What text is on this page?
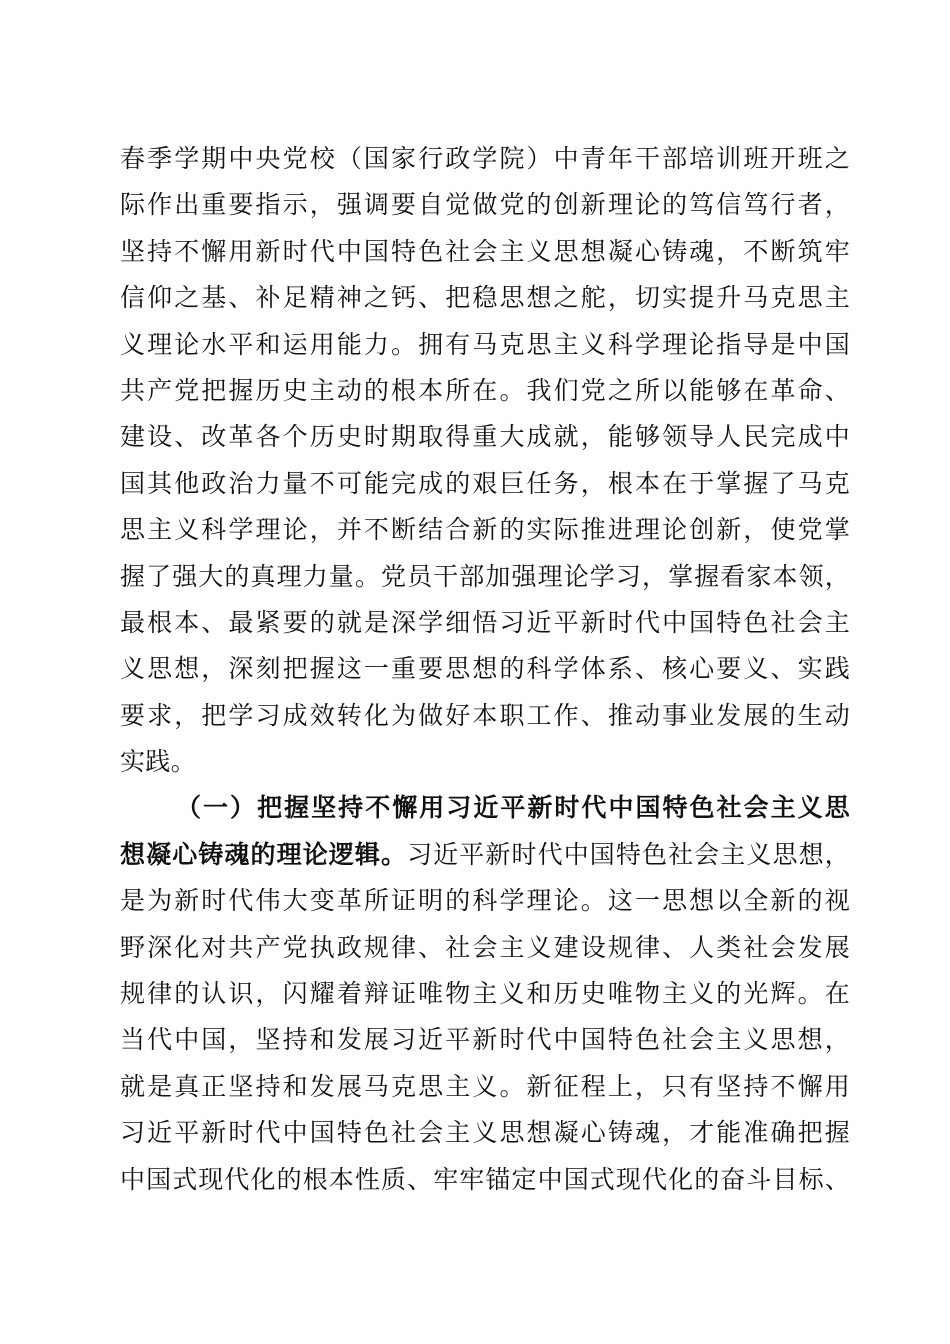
春季学期中央党校（国家行政学院）中青年干部培训班开班之
际作出重要指示，强调要自觉做党的创新理论的笃信笃行者，
坚持不懈用新时代中国特色社会主义思想凝心铸魂，不断筑牢
信仰之基、补足精神之钙、把稳思想之舵，切实提升马克思主
义理论水平和运用能力。拥有马克思主义科学理论指导是中国
共产党把握历史主动的根本所在。我们党之所以能够在革命、
建设、改革各个历史时期取得重大成就，能够领导人民完成中
国其他政治力量不可能完成的艰巨任务，根本在于掌握了马克
思主义科学理论，并不断结合新的实际推进理论创新，使党掌
握了强大的真理力量。党员干部加强理论学习，掌握看家本领，
最根本、最紧要的就是深学细悟习近平新时代中国特色社会主
义思想，深刻把握这一重要思想的科学体系、核心要义、实践
要求，把学习成效转化为做好本职工作、推动事业发展的生动
实践。
（一）把握坚持不懈用习近平新时代中国特色社会主义思
想凝心铸魂的理论逻辑。习近平新时代中国特色社会主义思想，
是为新时代伟大变革所证明的科学理论。这一思想以全新的视
野深化对共产党执政规律、社会主义建设规律、人类社会发展
规律的认识，闪耀着辩证唯物主义和历史唯物主义的光辉。在
当代中国，坚持和发展习近平新时代中国特色社会主义思想，
就是真正坚持和发展马克思主义。新征程上，只有坚持不懈用
习近平新时代中国特色社会主义思想凝心铸魂，才能准确把握
中国式现代化的根本性质、牢牢锚定中国式现代化的奋斗目标、
